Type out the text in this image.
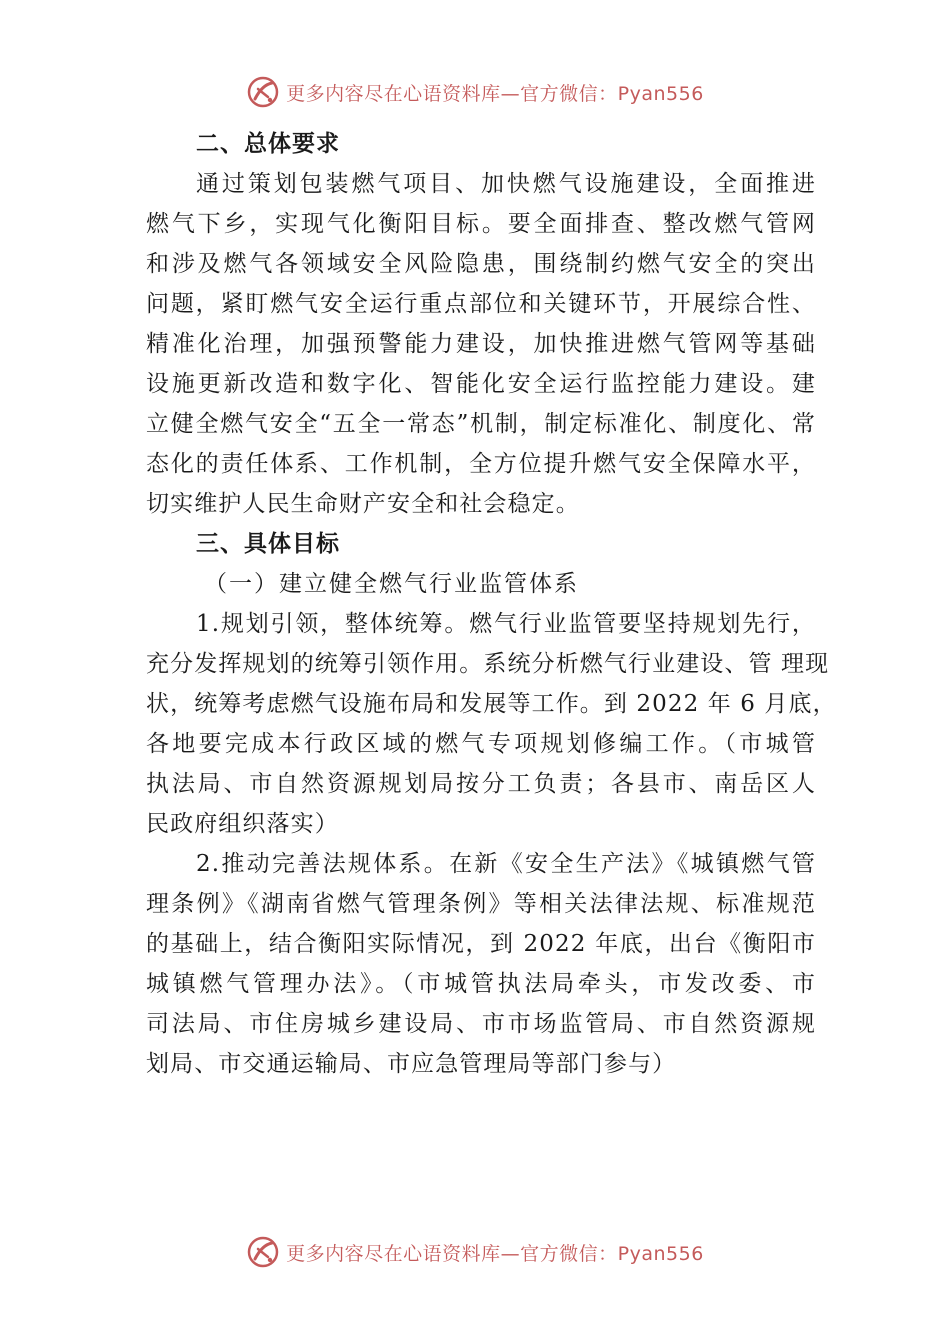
更多内容尽在心语资料库—官方微信：Pyan556
二、总体要求
通过策划包装燃气项目、加快燃气设施建设，全面推进
燃气下乡，实现气化衡阳目标。要全面排查、整改燃气管网
和涉及燃气各领域安全风险隐患，围绕制约燃气安全的突出
问题，紧盯燃气安全运行重点部位和关键环节，开展综合性、
精准化治理，加强预警能力建设，加快推进燃气管网等基础
设施更新改造和数字化、智能化安全运行监控能力建设。建
立健全燃气安全“五全一常态”机制，制定标准化、制度化、常
态化的责任体系、工作机制，全方位提升燃气安全保障水平，
切实维护人民生命财产安全和社会稳定。
三、具体目标
（一）建立健全燃气行业监管体系
1.规划引领，整体统筹。燃气行业监管要坚持规划先行，
充分发挥规划的统筹引领作用。系统分析燃气行业建设、管 理现
状，统筹考虑燃气设施布局和发展等工作。到 2022 年 6 月底，
各地要完成本行政区域的燃气专项规划修编工作。（市城管
执法局、市自然资源规划局按分工负责；各县市、南岳区人
民政府组织落实）
2.推动完善法规体系。在新《安全生产法》《城镇燃气管
理条例》《湖南省燃气管理条例》等相关法律法规、标准规范
的基础上，结合衡阳实际情况，到 2022 年底，出台《衡阳市
城镇燃气管理办法》。（市城管执法局牵头，市发改委、市
司法局、市住房城乡建设局、市市场监管局、市自然资源规
划局、市交通运输局、市应急管理局等部门参与）
更多内容尽在心语资料库—官方微信：Pyan556
